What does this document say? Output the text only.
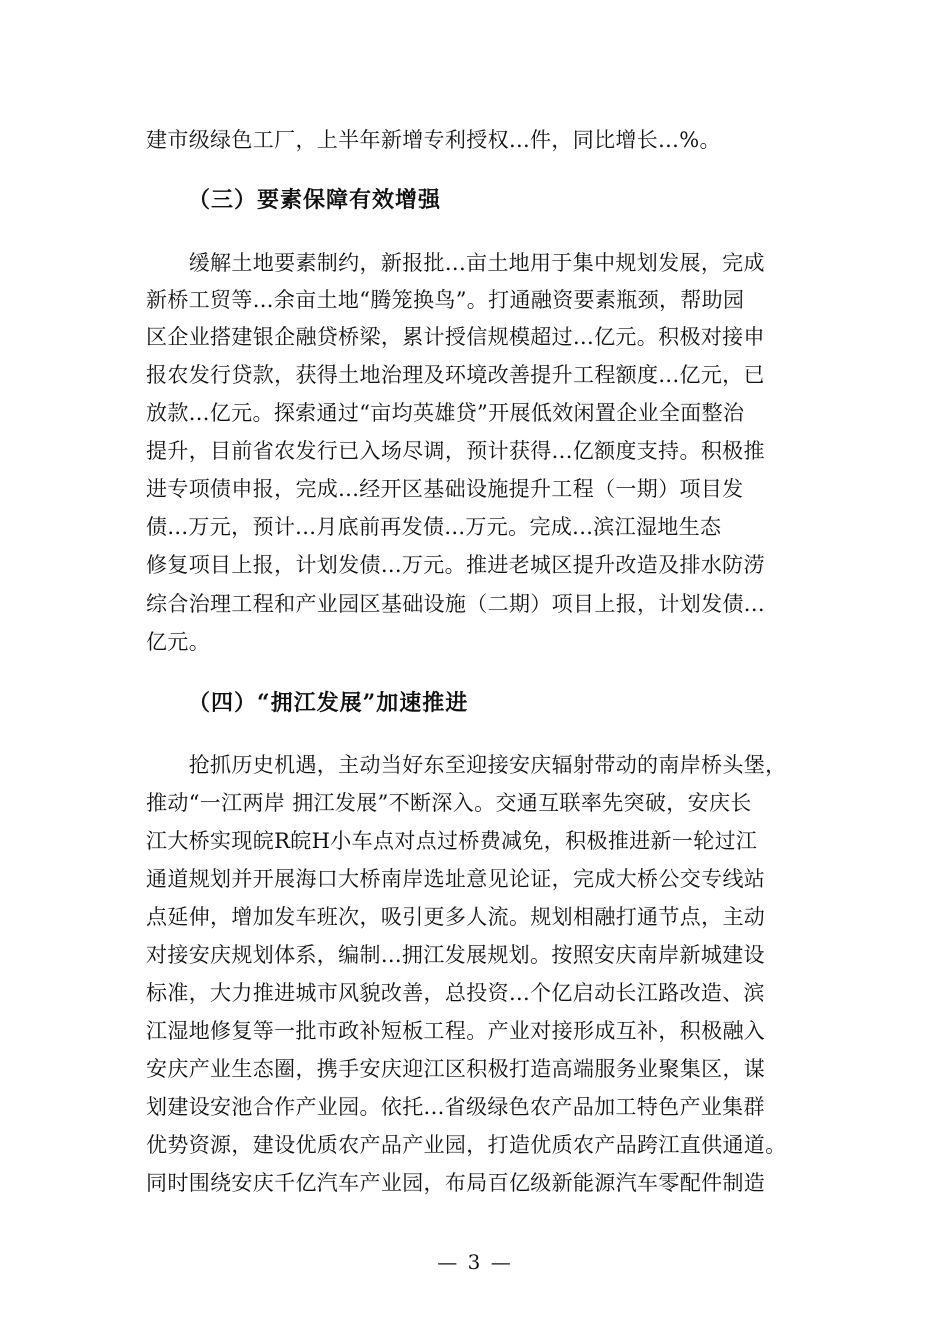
建市级绿色工厂，上半年新增专利授权...件，同比增长...%。
（三）要素保障有效增强
　　缓解土地要素制约，新报批...亩土地用于集中规划发展，完成
新桥工贸等...余亩土地“腾笼换鸟”。打通融资要素瓶颈，帮助园
区企业搭建银企融贷桥梁，累计授信规模超过...亿元。积极对接申
报农发行贷款，获得土地治理及环境改善提升工程额度...亿元，已
放款...亿元。探索通过“亩均英雄贷”开展低效闲置企业全面整治
提升，目前省农发行已入场尽调，预计获得...亿额度支持。积极推
进专项债申报，完成...经开区基础设施提升工程（一期）项目发
债...万元，预计...月底前再发债...万元。完成...滨江湿地生态
修复项目上报，计划发债...万元。推进老城区提升改造及排水防涝
综合治理工程和产业园区基础设施（二期）项目上报，计划发债...
亿元。
（四）“拥江发展”加速推进
　　抢抓历史机遇，主动当好东至迎接安庆辐射带动的南岸桥头堡，
推动“一江两岸 拥江发展”不断深入。交通互联率先突破，安庆长
江大桥实现皖R皖H小车点对点过桥费减免，积极推进新一轮过江
通道规划并开展海口大桥南岸选址意见论证，完成大桥公交专线站
点延伸，增加发车班次，吸引更多人流。规划相融打通节点，主动
对接安庆规划体系，编制...拥江发展规划。按照安庆南岸新城建设
标准，大力推进城市风貌改善，总投资...个亿启动长江路改造、滨
江湿地修复等一批市政补短板工程。产业对接形成互补，积极融入
安庆产业生态圈，携手安庆迎江区积极打造高端服务业聚集区，谋
划建设安池合作产业园。依托...省级绿色农产品加工特色产业集群
优势资源，建设优质农产品产业园，打造优质农产品跨江直供通道。
同时围绕安庆千亿汽车产业园，布局百亿级新能源汽车零配件制造
— 3 —
